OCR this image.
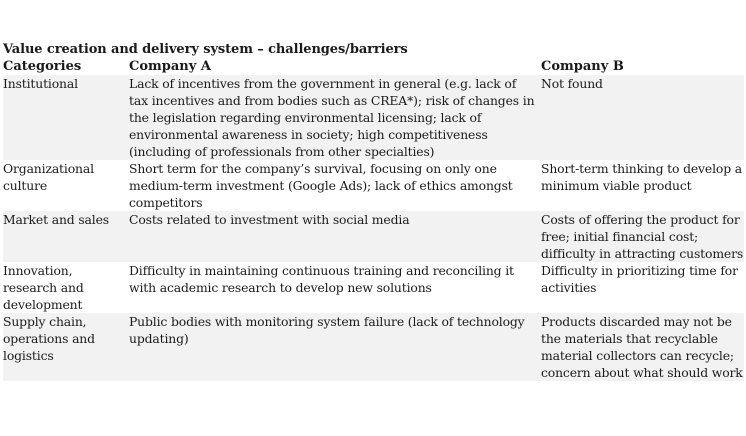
Value creation and delivery system – challenges/barriers
Categories	Company A	Company B
Institutional	Lack of incentives from the government in general (e.g. lack of tax incentives and from bodies such as CREA*); risk of changes in the legislation regarding environmental licensing; lack of environmental awareness in society; high competitiveness (including of professionals from other specialties)	Not found
Organizational culture	Short term for the company’s survival, focusing on only one medium-term investment (Google Ads); lack of ethics amongst competitors	Short-term thinking to develop a minimum viable product
Market and sales	Costs related to investment with social media	Costs of offering the product for free; initial financial cost; difficulty in attracting customers
Innovation, research and development	Difficulty in maintaining continuous training and reconciling it with academic research to develop new solutions	Difficulty in prioritizing time for activities
Supply chain, operations and logistics	Public bodies with monitoring system failure (lack of technology updating)	Products discarded may not be the materials that recyclable material collectors can recycle; concern about what should work
